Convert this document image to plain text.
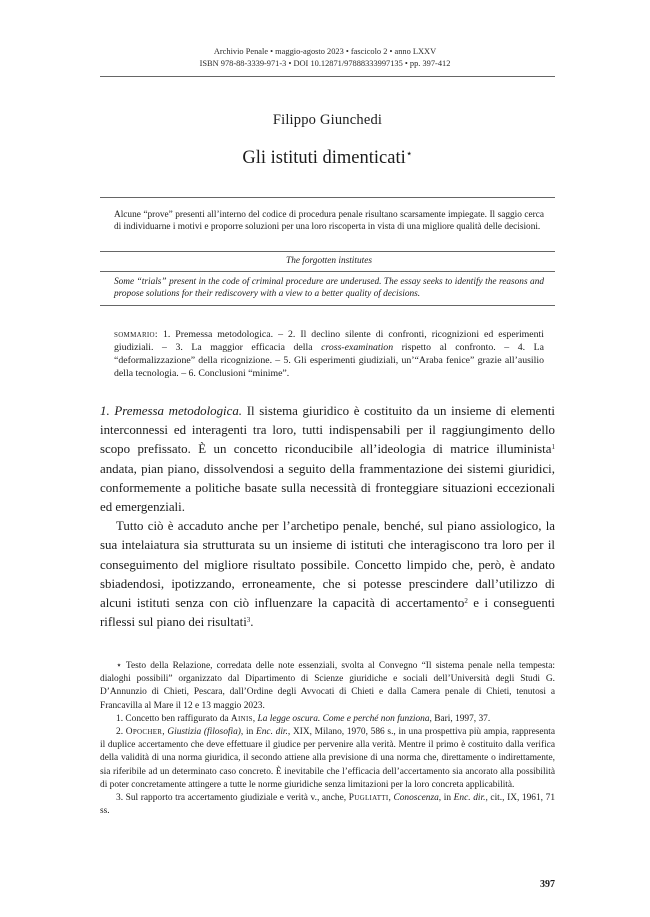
Archivio Penale • maggio-agosto 2023 • fascicolo 2 • anno LXXV
ISBN 978-88-3339-971-3 • DOI 10.12871/97888333997135 • pp. 397-412
Filippo Giunchedi
Gli istituti dimenticati⋆
Alcune “prove” presenti all’interno del codice di procedura penale risultano scarsamente impiegate. Il saggio cerca di individuarne i motivi e proporre soluzioni per una loro riscoperta in vista di una migliore qualità delle decisioni.
The forgotten institutes
Some “trials” present in the code of criminal procedure are underused. The essay seeks to identify the reasons and propose solutions for their rediscovery with a view to a better quality of decisions.
sommario: 1. Premessa metodologica. – 2. Il declino silente di confronti, ricognizioni ed esperimenti giudiziali. – 3. La maggior efficacia della cross-examination rispetto al confronto. – 4. La “deformalizzazione” della ricognizione. – 5. Gli esperimenti giudiziali, un’“Araba fenice” grazie all’ausilio della tecnologia. – 6. Conclusioni “minime”.

1. Premessa metodologica. Il sistema giuridico è costituito da un insieme di elementi interconnessi ed interagenti tra loro, tutti indispensabili per il raggiungimento dello scopo prefissato. È un concetto riconducibile all’ideologia di matrice illuminista$^1$ andata, pian piano, dissolvendosi a seguito della frammentazione dei sistemi giuridici, conformemente a politiche basate sulla necessità di fronteggiare situazioni eccezionali ed emergenziali.

Tutto ciò è accaduto anche per l’archetipo penale, benché, sul piano assiologico, la sua intelaiatura sia strutturata su un insieme di istituti che interagiscono tra loro per il conseguimento del migliore risultato possibile. Concetto limpido che, però, è andato sbiadendosi, ipotizzando, erroneamente, che si potesse prescindere dall’utilizzo di alcuni istituti senza con ciò influenzare la capacità di accertamento$^2$ e i conseguenti riflessi sul piano dei risultati$^3$.

⋆ Testo della Relazione, corredata delle note essenziali, svolta al Convegno “Il sistema penale nella tempesta: dialoghi possibili” organizzato dal Dipartimento di Scienze giuridiche e sociali dell’Università degli Studi G. D’Annunzio di Chieti, Pescara, dall’Ordine degli Avvocati di Chieti e dalla Camera penale di Chieti, tenutosi a Francavilla al Mare il 12 e 13 maggio 2023.

1. Concetto ben raffigurato da Ainis, La legge oscura. Come e perché non funziona, Bari, 1997, 37.

2. Opocher, Giustizia (filosofia), in Enc. dir., XIX, Milano, 1970, 586 s., in una prospettiva più ampia, rappresenta il duplice accertamento che deve effettuare il giudice per pervenire alla verità. Mentre il primo è costituito dalla verifica della validità di una norma giuridica, il secondo attiene alla previsione di una norma che, direttamente o indirettamente, sia riferibile ad un determinato caso concreto. È inevitabile che l’efficacia dell’accertamento sia ancorato alla possibilità di poter concretamente attingere a tutte le norme giuridiche senza limitazioni per la loro concreta applicabilità.

3. Sul rapporto tra accertamento giudiziale e verità v., anche, Pugliatti, Conoscenza, in Enc. dir., cit., IX, 1961, 71 ss.

397
